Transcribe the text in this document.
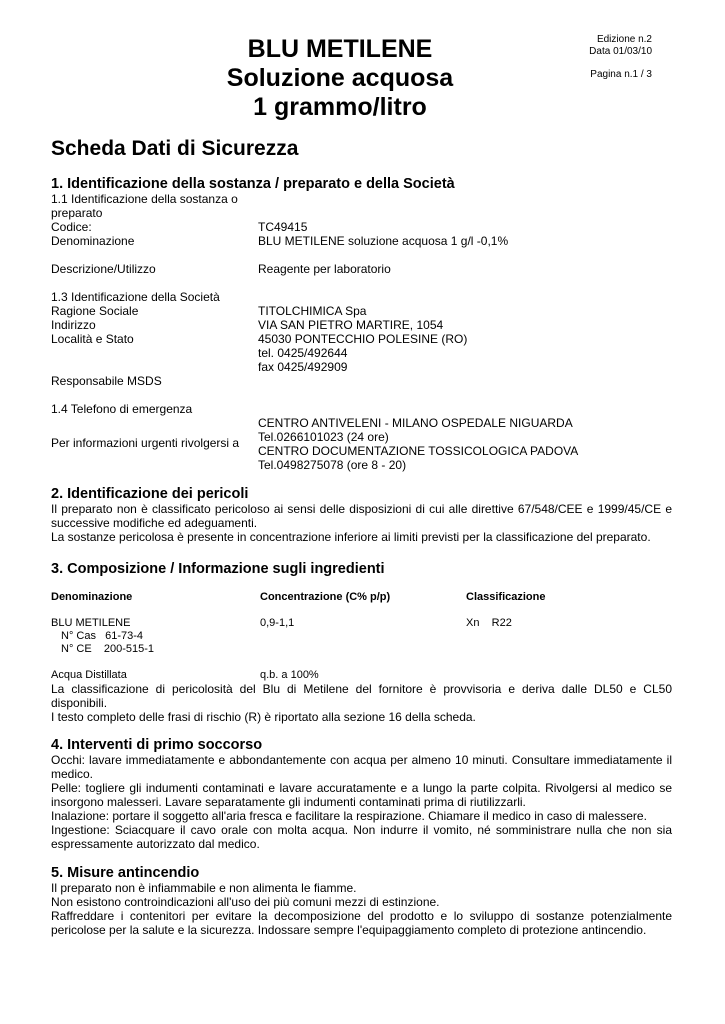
BLU METILENE
Soluzione acquosa
1 grammo/litro
Edizione n.2
Data 01/03/10
Pagina n.1 / 3
Scheda Dati di Sicurezza
1. Identificazione della sostanza / preparato e della Società
1.1 Identificazione della sostanza o
preparato
Codice:	TC49415
Denominazione	BLU METILENE soluzione acquosa 1 g/l -0,1%
Descrizione/Utilizzo	Reagente per laboratorio
1.3 Identificazione della Società
Ragione Sociale	TITOLCHIMICA Spa
Indirizzo	VIA SAN PIETRO MARTIRE, 1054
Località e Stato	45030 PONTECCHIO POLESINE (RO)
tel. 0425/492644
fax 0425/492909
Responsabile MSDS
1.4 Telefono di emergenza
CENTRO ANTIVELENI - MILANO OSPEDALE NIGUARDA
Tel.0266101023 (24 ore)
Per informazioni urgenti rivolgersi a
CENTRO DOCUMENTAZIONE TOSSICOLOGICA PADOVA
Tel.0498275078 (ore 8 - 20)
2. Identificazione dei pericoli
Il preparato non è classificato pericoloso ai sensi delle disposizioni di cui alle direttive 67/548/CEE e 1999/45/CE e
successive modifiche ed adeguamenti.
La sostanze pericolosa è presente in concentrazione inferiore ai limiti previsti per la classificazione del preparato.
3. Composizione / Informazione sugli ingredienti
Denominazione	Concentrazione (C% p/p)	Classificazione
BLU METILENE	0,9-1,1	Xn    R22
N° Cas   61-73-4
N° CE    200-515-1
Acqua Distillata	q.b. a 100%
La classificazione di pericolosità del Blu di Metilene del fornitore è provvisoria e deriva dalle DL50 e CL50
disponibili.
I testo completo delle frasi di rischio (R) è riportato alla sezione 16 della scheda.
4. Interventi di primo soccorso
Occhi: lavare immediatamente e abbondantemente con acqua per almeno 10 minuti. Consultare immediatamente il
medico.
Pelle: togliere gli indumenti contaminati e lavare accuratamente e a lungo la parte colpita. Rivolgersi al medico se
insorgono malesseri. Lavare separatamente gli indumenti contaminati prima di riutilizzarli.
Inalazione: portare il soggetto all'aria fresca e facilitare la respirazione. Chiamare il medico in caso di malessere.
Ingestione: Sciacquare il cavo orale con molta acqua. Non indurre il vomito, né somministrare nulla che non sia
espressamente autorizzato dal medico.
5. Misure antincendio
Il preparato non è infiammabile e non alimenta le fiamme.
Non esistono controindicazioni all'uso dei più comuni mezzi di estinzione.
Raffreddare i contenitori per evitare la decomposizione del prodotto e lo sviluppo di sostanze potenzialmente
pericolose per la salute e la sicurezza. Indossare sempre l'equipaggiamento completo di protezione antincendio.
